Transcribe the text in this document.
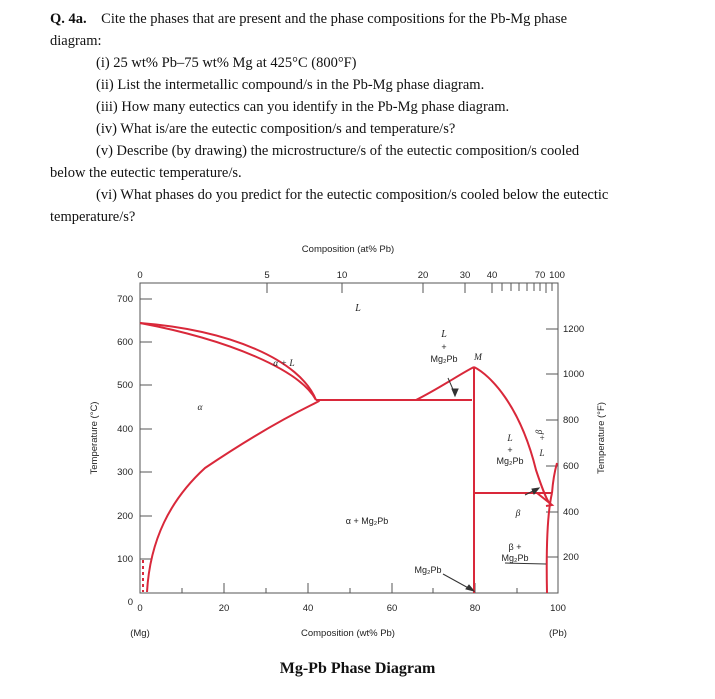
Q. 4a. Cite the phases that are present and the phase compositions for the Pb-Mg phase
diagram:
(i) 25 wt% Pb–75 wt% Mg at 425°C (800°F)
(ii) List the intermetallic compound/s in the Pb-Mg phase diagram.
(iii) How many eutectics can you identify in the Pb-Mg phase diagram.
(iv) What is/are the eutectic composition/s and temperature/s?
(v) Describe (by drawing) the microstructure/s of the eutectic composition/s cooled
below the eutectic temperature/s.
(vi) What phases do you predict for the eutectic composition/s cooled below the eutectic
temperature/s?
0	20	40	60	80	100
0	5	10	20	30 40	70 100
0
100
200
300
400
500
600
700
200
400
600
800
1000
1200
Composition (at% Pb)
Composition (wt% Pb)
(Mg)	(Pb)
Temperature (°C)	Temperature (°F)
L
L
+
Mg₂Pb M
α + L
α
L
+
Mg₂Pb
β
+
L
α + Mg₂Pb
β
β +
Mg₂Pb
Mg₂Pb
Mg-Pb Phase Diagram
